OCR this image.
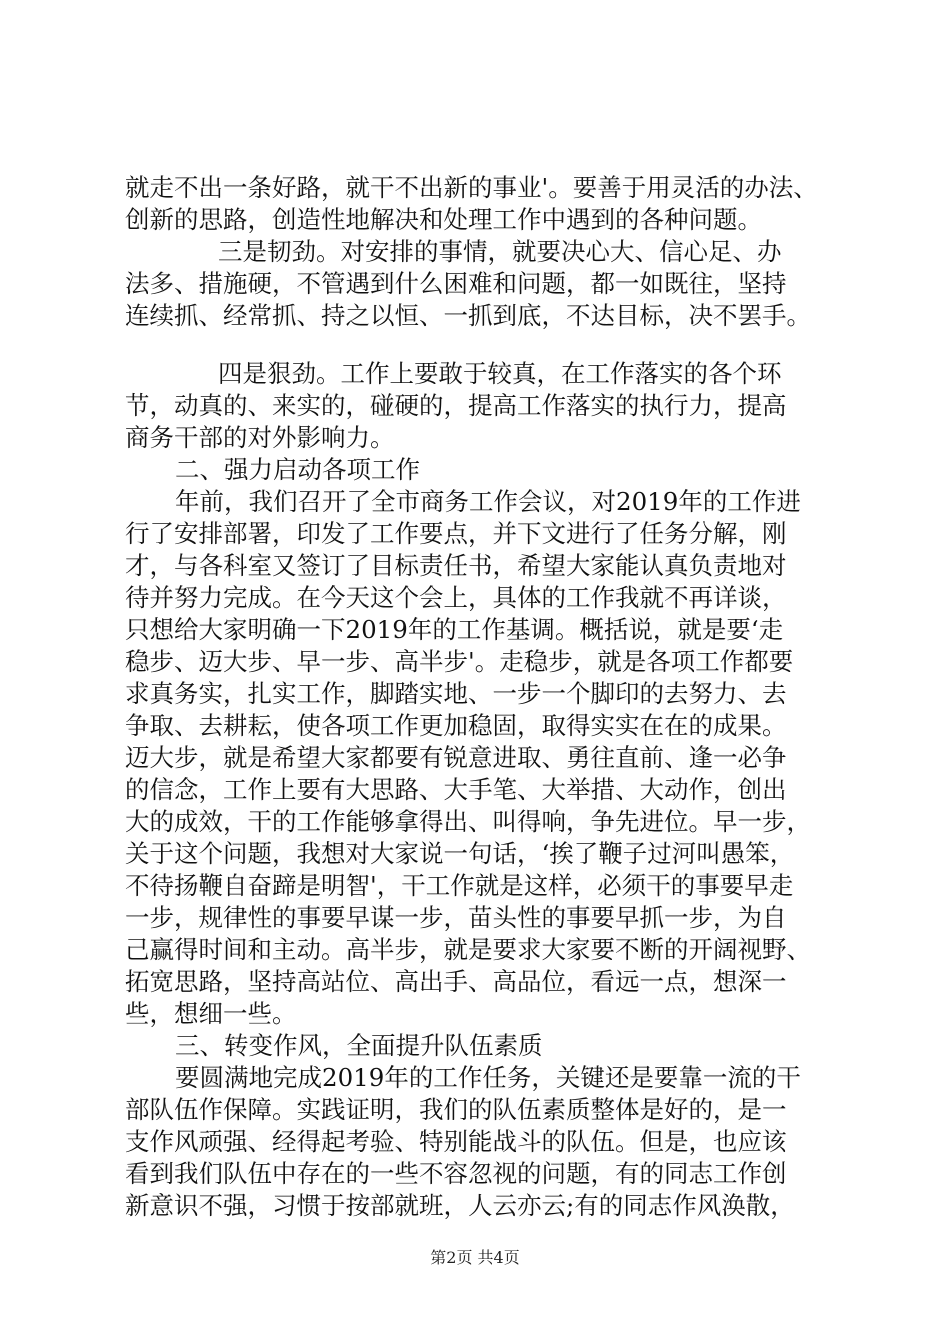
就走不出一条好路，就干不出新的事业'。要善于用灵活的办法、
创新的思路，创造性地解决和处理工作中遇到的各种问题。
三是韧劲。对安排的事情，就要决心大、信心足、办
法多、措施硬，不管遇到什么困难和问题，都一如既往，坚持
连续抓、经常抓、持之以恒、一抓到底，不达目标，决不罢手。
四是狠劲。工作上要敢于较真，在工作落实的各个环
节，动真的、来实的，碰硬的，提高工作落实的执行力，提高
商务干部的对外影响力。
二、强力启动各项工作
年前，我们召开了全市商务工作会议，对2019年的工作进
行了安排部署，印发了工作要点，并下文进行了任务分解，刚
才，与各科室又签订了目标责任书，希望大家能认真负责地对
待并努力完成。在今天这个会上，具体的工作我就不再详谈，
只想给大家明确一下2019年的工作基调。概括说，就是要‘走
稳步、迈大步、早一步、高半步'。走稳步，就是各项工作都要
求真务实，扎实工作，脚踏实地、一步一个脚印的去努力、去
争取、去耕耘，使各项工作更加稳固，取得实实在在的成果。
迈大步，就是希望大家都要有锐意进取、勇往直前、逢一必争
的信念，工作上要有大思路、大手笔、大举措、大动作，创出
大的成效，干的工作能够拿得出、叫得响，争先进位。早一步，
关于这个问题，我想对大家说一句话，‘挨了鞭子过河叫愚笨，
不待扬鞭自奋蹄是明智'，干工作就是这样，必须干的事要早走
一步，规律性的事要早谋一步，苗头性的事要早抓一步，为自
己赢得时间和主动。高半步，就是要求大家要不断的开阔视野、
拓宽思路，坚持高站位、高出手、高品位，看远一点，想深一
些，想细一些。
三、转变作风，全面提升队伍素质
要圆满地完成2019年的工作任务，关键还是要靠一流的干
部队伍作保障。实践证明，我们的队伍素质整体是好的，是一
支作风顽强、经得起考验、特别能战斗的队伍。但是，也应该
看到我们队伍中存在的一些不容忽视的问题，有的同志工作创
新意识不强，习惯于按部就班，人云亦云;有的同志作风涣散，
第2页 共4页
